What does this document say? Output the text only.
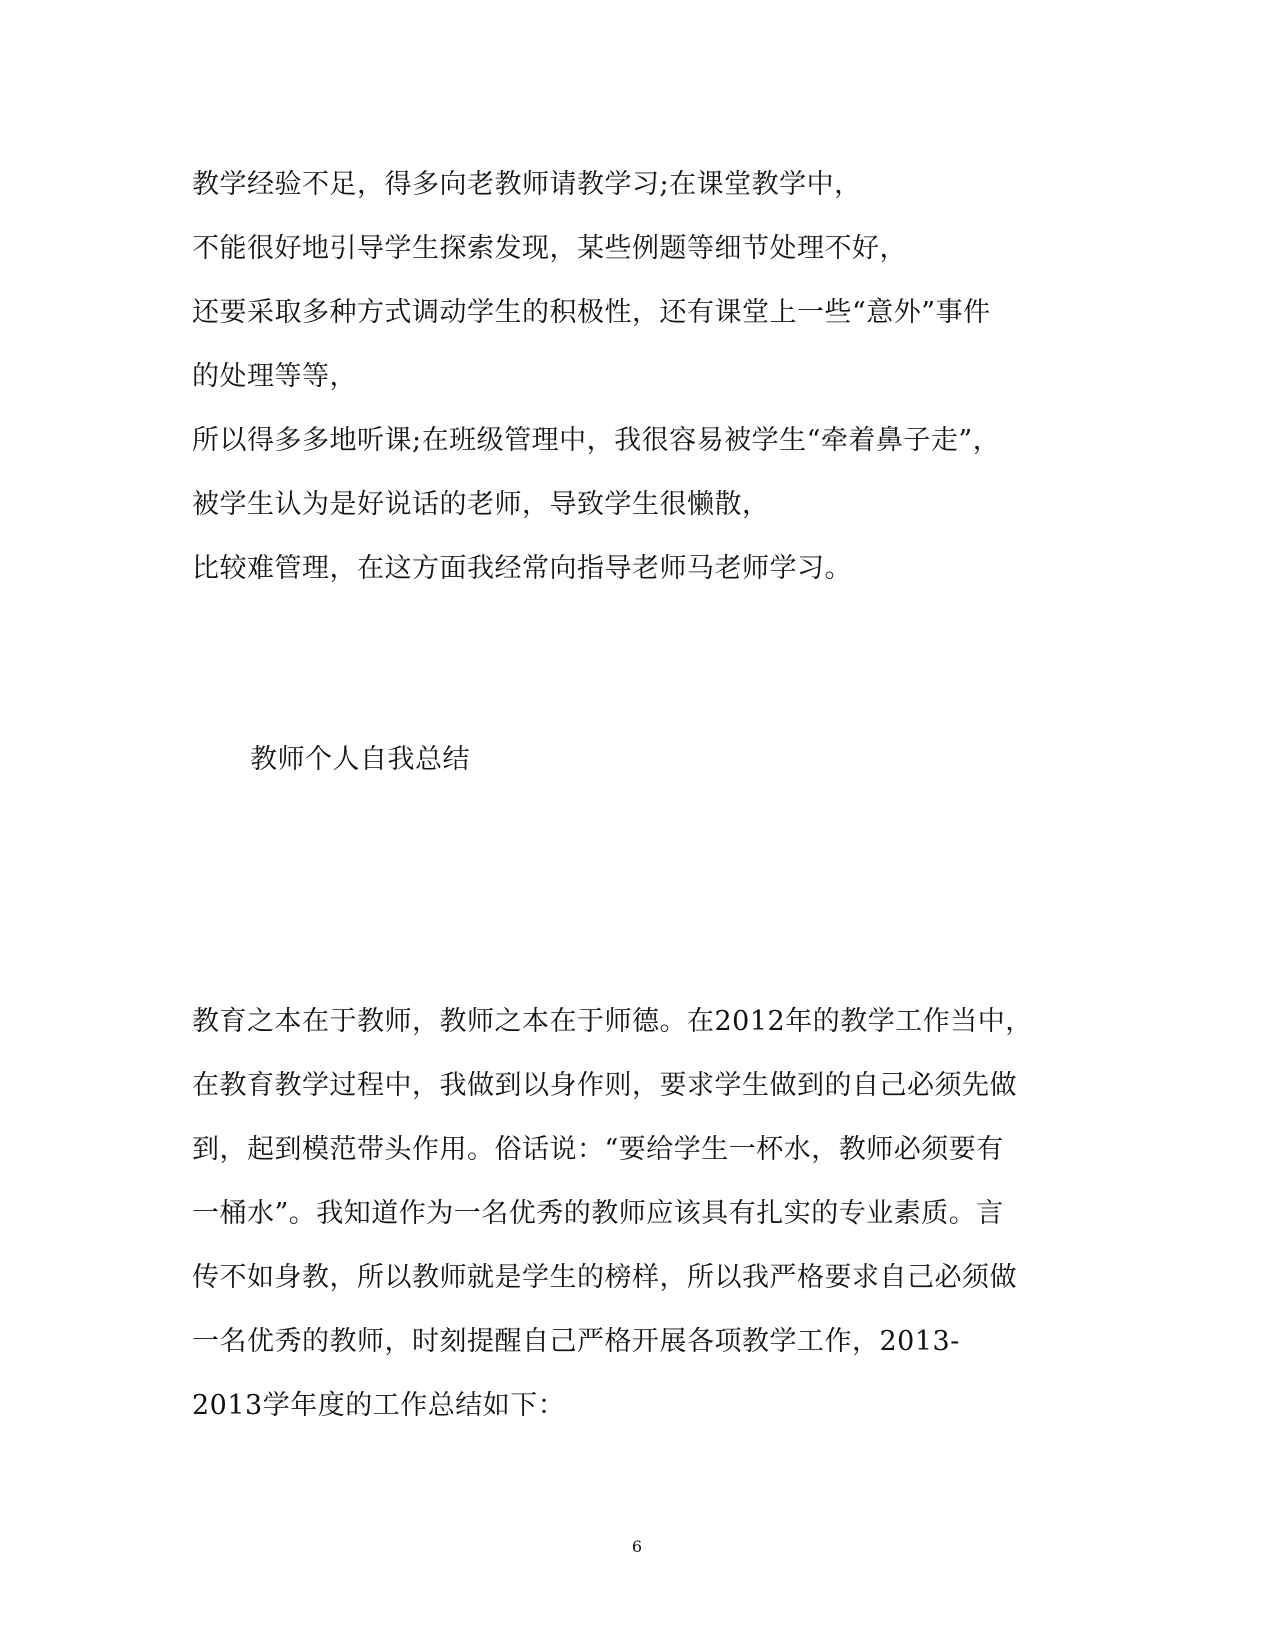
教学经验不足，得多向老教师请教学习;在课堂教学中，
不能很好地引导学生探索发现，某些例题等细节处理不好，
还要采取多种方式调动学生的积极性，还有课堂上一些“意外”事件
的处理等等，
所以得多多地听课;在班级管理中，我很容易被学生“牵着鼻子走”，
被学生认为是好说话的老师，导致学生很懒散，
比较难管理，在这方面我经常向指导老师马老师学习。
教师个人自我总结
教育之本在于教师，教师之本在于师德。在2012年的教学工作当中，
在教育教学过程中，我做到以身作则，要求学生做到的自己必须先做
到，起到模范带头作用。俗话说：“要给学生一杯水，教师必须要有
一桶水”。我知道作为一名优秀的教师应该具有扎实的专业素质。言
传不如身教，所以教师就是学生的榜样，所以我严格要求自己必须做
一名优秀的教师，时刻提醒自己严格开展各项教学工作，2013-
2013学年度的工作总结如下：
6
